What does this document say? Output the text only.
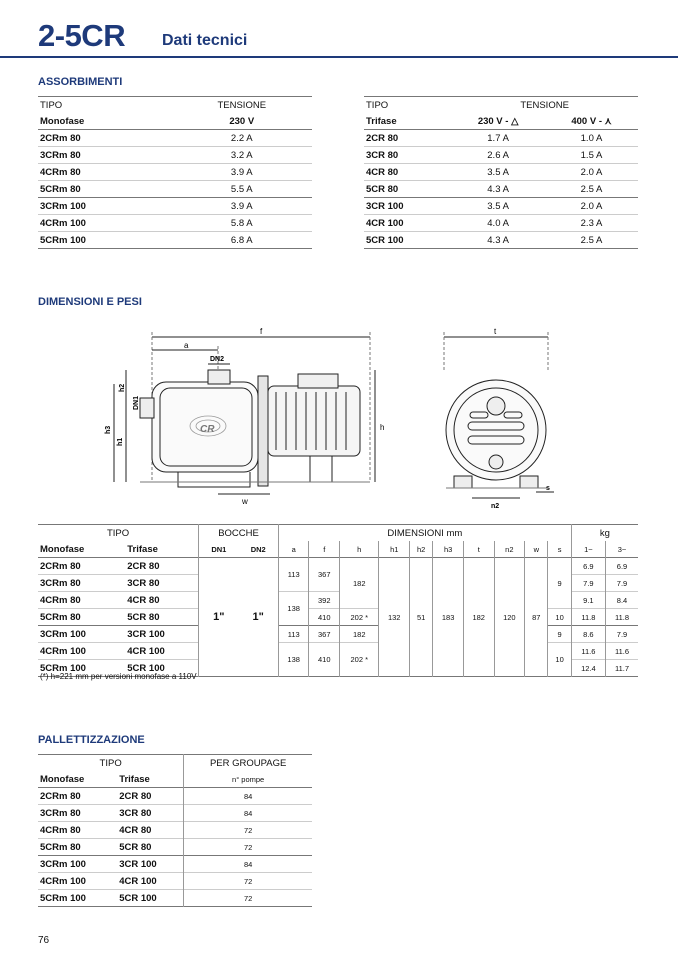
2-5CR Dati tecnici
ASSORBIMENTI
TIPO	TENSIONE
Monofase	230 V
2CRm 80	2.2 A
3CRm 80	3.2 A
4CRm 80	3.9 A
5CRm 80	5.5 A
3CRm 100	3.9 A
4CRm 100	5.8 A
5CRm 100	6.8 A
TIPO	TENSIONE	
Trifase	230 V - △	400 V - ⋏
2CR 80	1.7 A	1.0 A
3CR 80	2.6 A	1.5 A
4CR 80	3.5 A	2.0 A
5CR 80	4.3 A	2.5 A
3CR 100	3.5 A	2.0 A
4CR 100	4.0 A	2.3 A
5CR 100	4.3 A	2.5 A
DIMENSIONI E PESI
CR
f
a
DN2
DN1
h2
h3
h1
h
w
t
n2
s
TIPO		BOCCHE		DIMENSIONI mm										kg	
Monofase	Trifase	DN1	DN2	a	f	h	h1	h2	h3	t	n2	w	s	1~	3~
2CRm 80	2CR 80	1"	1"	113	367	182	132	51	183	182	120	87	9	6.9	6.9
3CRm 80	3CR 80													7.9	7.9
4CRm 80	4CR 80			138	392									9.1	8.4
5CRm 80	5CR 80				410	202 *							10	11.8	11.8
3CRm 100	3CR 100			113	367	182							9	8.6	7.9
4CRm 100	4CR 100			138	410	202 *							10	11.6	11.6
5CRm 100	5CR 100													12.4	11.7
(*) h=221 mm per versioni monofase a 110V
PALLETTIZZAZIONE
TIPO		PER GROUPAGE
Monofase	Trifase	n° pompe
2CRm 80	2CR 80	84
3CRm 80	3CR 80	84
4CRm 80	4CR 80	72
5CRm 80	5CR 80	72
3CRm 100	3CR 100	84
4CRm 100	4CR 100	72
5CRm 100	5CR 100	72
76
